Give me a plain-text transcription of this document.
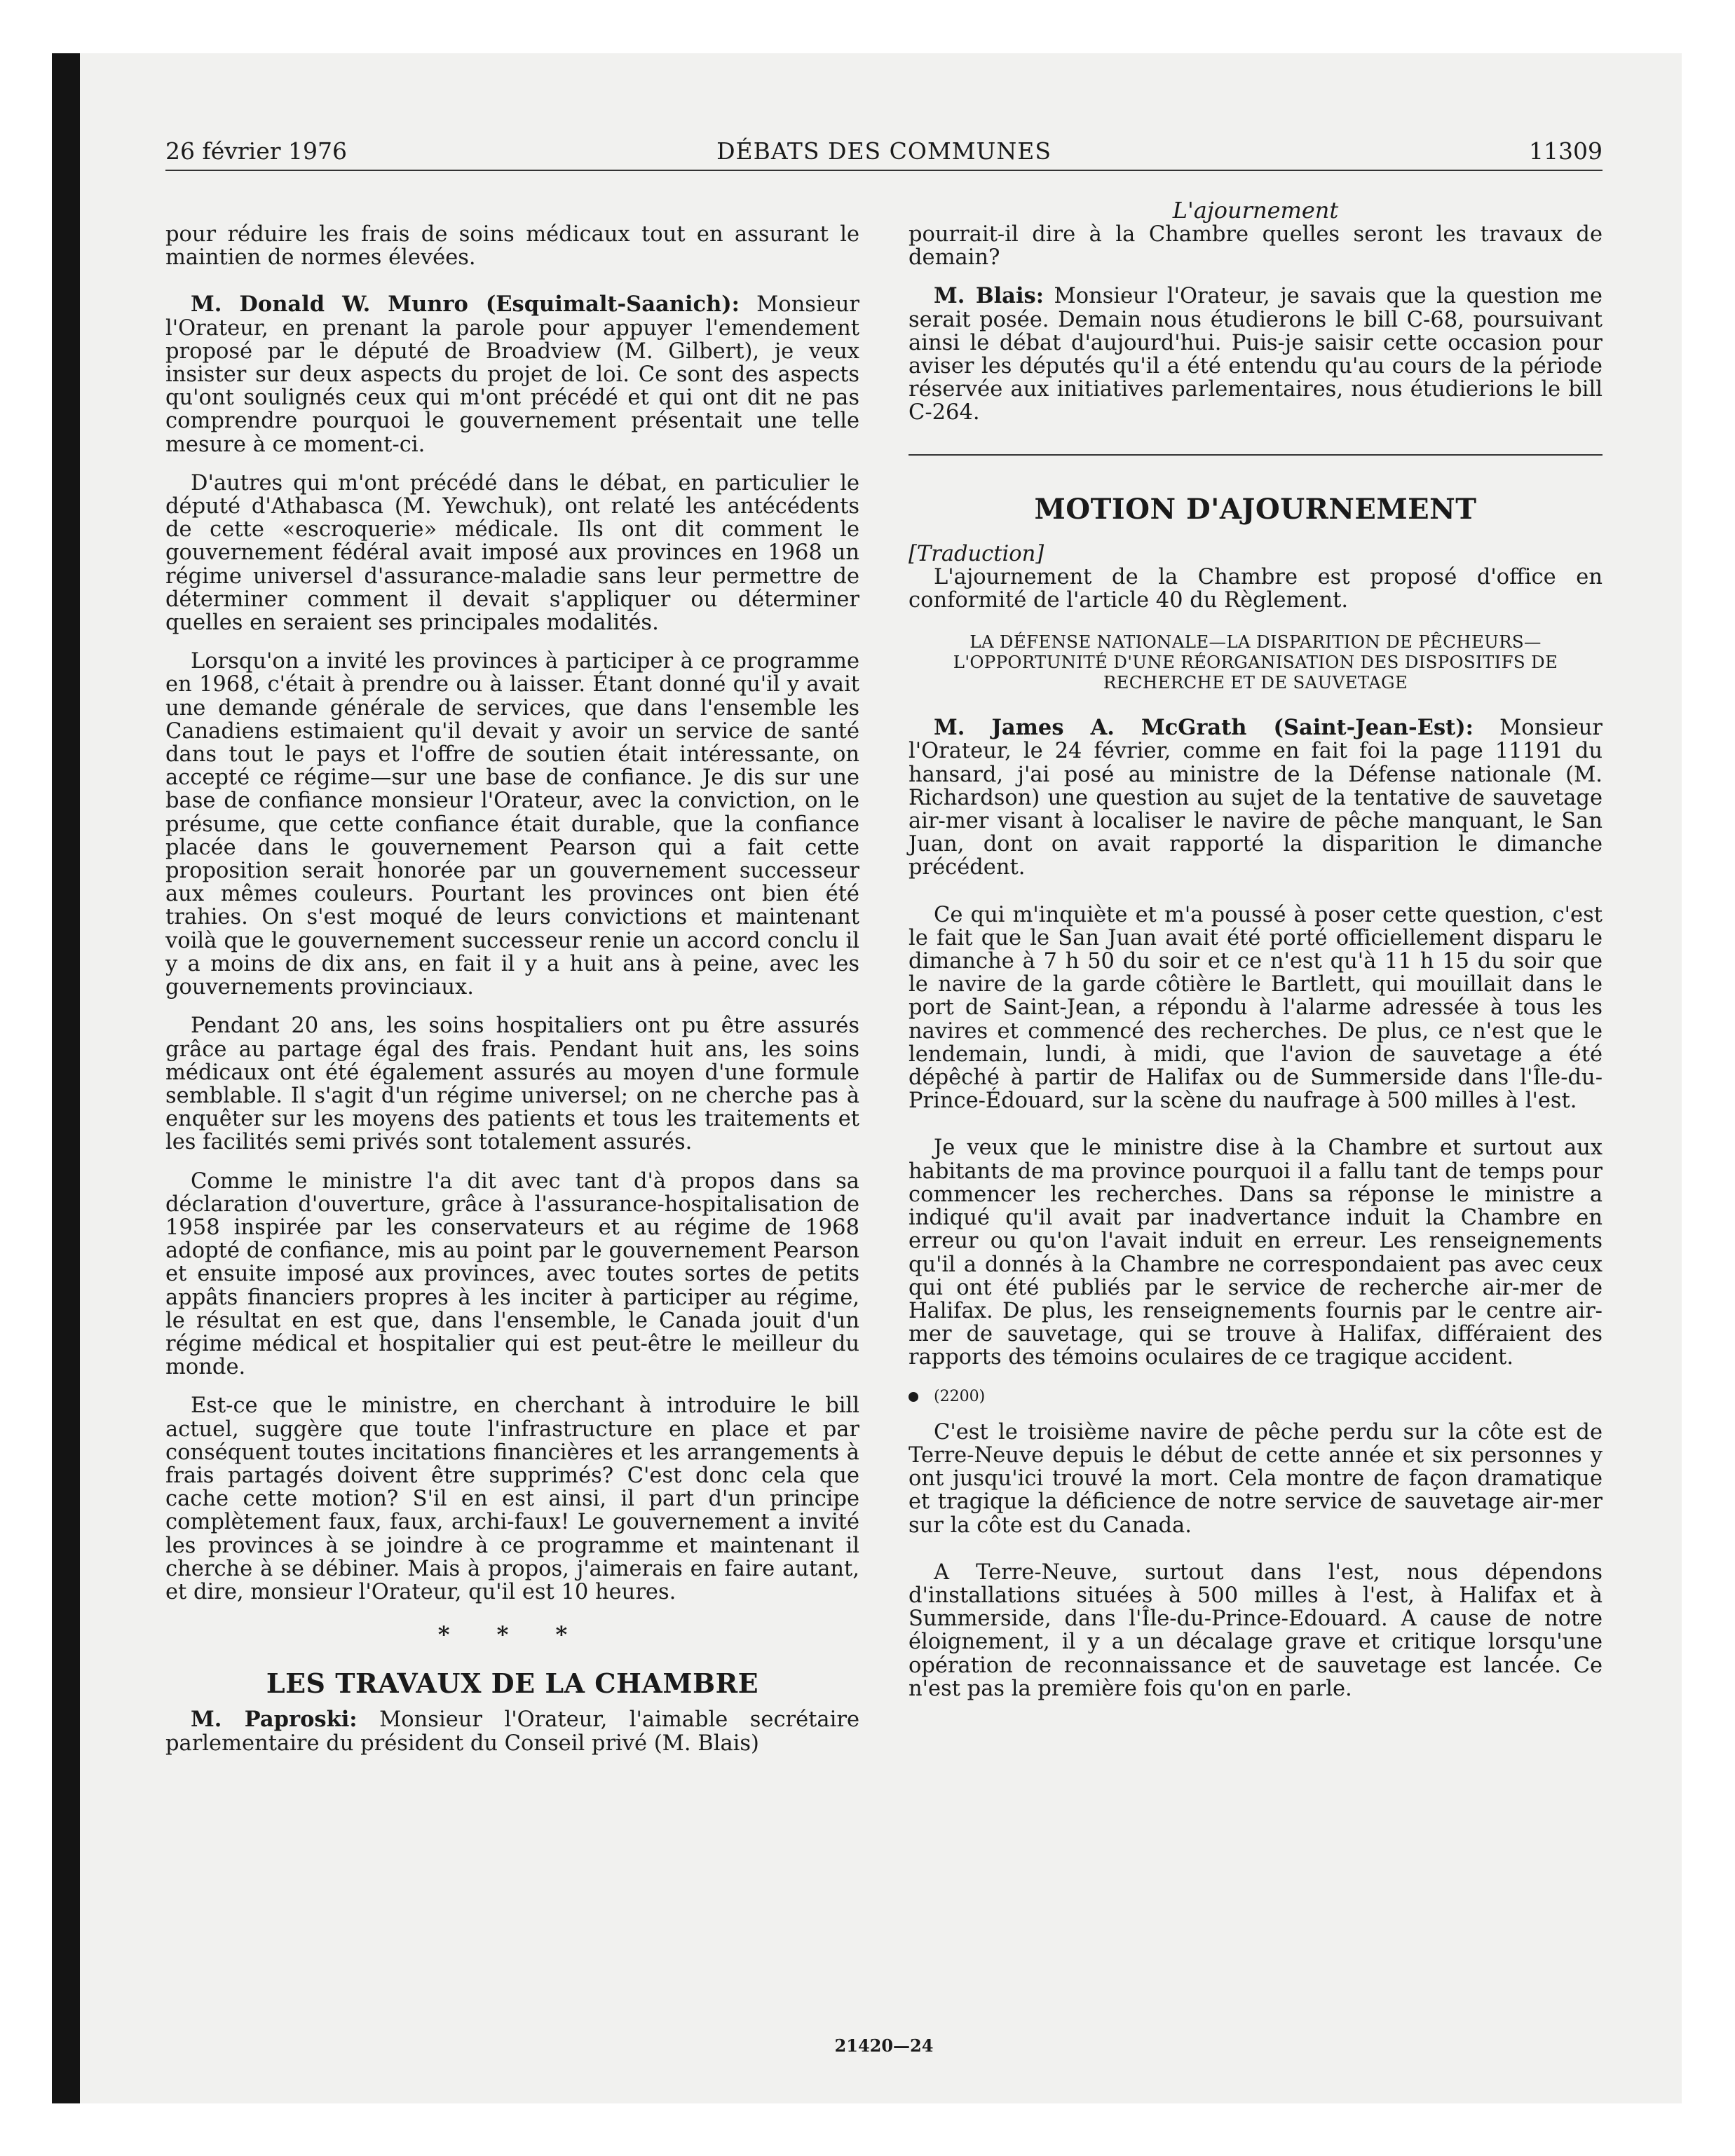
26 février 1976	DÉBATS DES COMMUNES	11309
L'ajournement

pour réduire les frais de soins médicaux tout en assurant le maintien de normes élevées.

M. Donald W. Munro (Esquimalt-Saanich): Monsieur l'Orateur, en prenant la parole pour appuyer l'emendement proposé par le député de Broadview (M. Gilbert), je veux insister sur deux aspects du projet de loi. Ce sont des aspects qu'ont soulignés ceux qui m'ont précédé et qui ont dit ne pas comprendre pourquoi le gouvernement présentait une telle mesure à ce moment-ci.

D'autres qui m'ont précédé dans le débat, en particulier le député d'Athabasca (M. Yewchuk), ont relaté les antécédents de cette «escroquerie» médicale. Ils ont dit comment le gouvernement fédéral avait imposé aux provinces en 1968 un régime universel d'assurance-maladie sans leur permettre de déterminer comment il devait s'appliquer ou déterminer quelles en seraient ses principales modalités.

Lorsqu'on a invité les provinces à participer à ce programme en 1968, c'était à prendre ou à laisser. Étant donné qu'il y avait une demande générale de services, que dans l'ensemble les Canadiens estimaient qu'il devait y avoir un service de santé dans tout le pays et l'offre de soutien était intéressante, on accepté ce régime—sur une base de confiance. Je dis sur une base de confiance monsieur l'Orateur, avec la conviction, on le présume, que cette confiance était durable, que la confiance placée dans le gouvernement Pearson qui a fait cette proposition serait honorée par un gouvernement successeur aux mêmes couleurs. Pourtant les provinces ont bien été trahies. On s'est moqué de leurs convictions et maintenant voilà que le gouvernement successeur renie un accord conclu il y a moins de dix ans, en fait il y a huit ans à peine, avec les gouvernements provinciaux.

Pendant 20 ans, les soins hospitaliers ont pu être assurés grâce au partage égal des frais. Pendant huit ans, les soins médicaux ont été également assurés au moyen d'une formule semblable. Il s'agit d'un régime universel; on ne cherche pas à enquêter sur les moyens des patients et tous les traitements et les facilités semi privés sont totalement assurés.

Comme le ministre l'a dit avec tant d'à propos dans sa déclaration d'ouverture, grâce à l'assurance-hospitalisation de 1958 inspirée par les conservateurs et au régime de 1968 adopté de confiance, mis au point par le gouvernement Pearson et ensuite imposé aux provinces, avec toutes sortes de petits appâts financiers propres à les inciter à participer au régime, le résultat en est que, dans l'ensemble, le Canada jouit d'un régime médical et hospitalier qui est peut-être le meilleur du monde.

Est-ce que le ministre, en cherchant à introduire le bill actuel, suggère que toute l'infrastructure en place et par conséquent toutes incitations financières et les arrangements à frais partagés doivent être supprimés? C'est donc cela que cache cette motion? S'il en est ainsi, il part d'un principe complètement faux, faux, archi-faux! Le gouvernement a invité les provinces à se joindre à ce programme et maintenant il cherche à se débiner. Mais à propos, j'aimerais en faire autant, et dire, monsieur l'Orateur, qu'il est 10 heures.

* * *
LES TRAVAUX DE LA CHAMBRE

M. Paproski: Monsieur l'Orateur, l'aimable secrétaire parlementaire du président du Conseil privé (M. Blais)

pourrait-il dire à la Chambre quelles seront les travaux de demain?

M. Blais: Monsieur l'Orateur, je savais que la question me serait posée. Demain nous étudierons le bill C-68, poursuivant ainsi le débat d'aujourd'hui. Puis-je saisir cette occasion pour aviser les députés qu'il a été entendu qu'au cours de la période réservée aux initiatives parlementaires, nous étudierions le bill C-264.

MOTION D'AJOURNEMENT

[Traduction]

L'ajournement de la Chambre est proposé d'office en conformité de l'article 40 du Règlement.

LA DÉFENSE NATIONALE—LA DISPARITION DE PÊCHEURS—L'OPPORTUNITÉ D'UNE RÉORGANISATION DES DISPOSITIFS DE RECHERCHE ET DE SAUVETAGE

M. James A. McGrath (Saint-Jean-Est): Monsieur l'Orateur, le 24 février, comme en fait foi la page 11191 du hansard, j'ai posé au ministre de la Défense nationale (M. Richardson) une question au sujet de la tentative de sauvetage air-mer visant à localiser le navire de pêche manquant, le San Juan, dont on avait rapporté la disparition le dimanche précédent.

Ce qui m'inquiète et m'a poussé à poser cette question, c'est le fait que le San Juan avait été porté officiellement disparu le dimanche à 7 h 50 du soir et ce n'est qu'à 11 h 15 du soir que le navire de la garde côtière le Bartlett, qui mouillait dans le port de Saint-Jean, a répondu à l'alarme adressée à tous les navires et commencé des recherches. De plus, ce n'est que le lendemain, lundi, à midi, que l'avion de sauvetage a été dépêché à partir de Halifax ou de Summerside dans l'Île-du-Prince-Édouard, sur la scène du naufrage à 500 milles à l'est.

Je veux que le ministre dise à la Chambre et surtout aux habitants de ma province pourquoi il a fallu tant de temps pour commencer les recherches. Dans sa réponse le ministre a indiqué qu'il avait par inadvertance induit la Chambre en erreur ou qu'on l'avait induit en erreur. Les renseignements qu'il a donnés à la Chambre ne correspondaient pas avec ceux qui ont été publiés par le service de recherche air-mer de Halifax. De plus, les renseignements fournis par le centre air-mer de sauvetage, qui se trouve à Halifax, différaient des rapports des témoins oculaires de ce tragique accident.

(2200)

C'est le troisième navire de pêche perdu sur la côte est de Terre-Neuve depuis le début de cette année et six personnes y ont jusqu'ici trouvé la mort. Cela montre de façon dramatique et tragique la déficience de notre service de sauvetage air-mer sur la côte est du Canada.

A Terre-Neuve, surtout dans l'est, nous dépendons d'installations situées à 500 milles à l'est, à Halifax et à Summerside, dans l'Île-du-Prince-Edouard. A cause de notre éloignement, il y a un décalage grave et critique lorsqu'une opération de reconnaissance et de sauvetage est lancée. Ce n'est pas la première fois qu'on en parle.

21420—24
